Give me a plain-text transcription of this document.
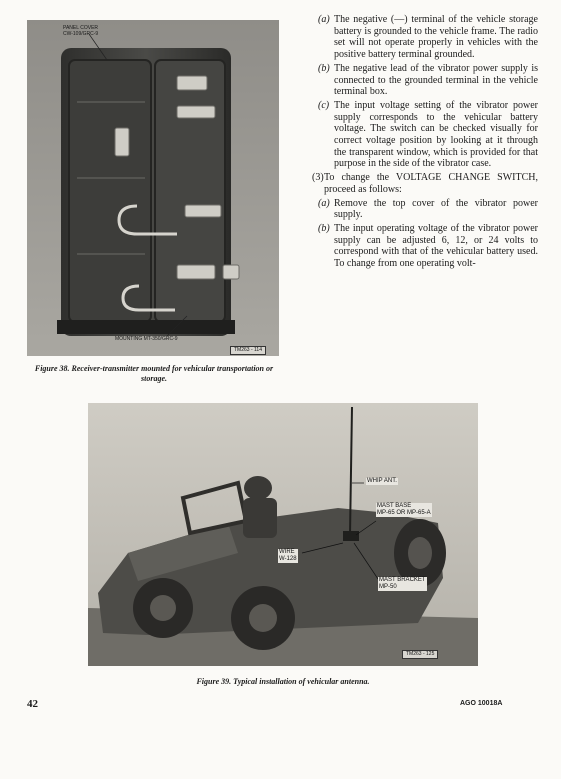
PANEL COVER
CW-109/GRC-9
MOUNTING MT-350/GRC-9
TM263 - 114
Figure 38. Receiver-transmitter mounted for vehicular transportation or storage.
(a) The negative (—) terminal of the vehicle storage battery is grounded to the vehicle frame. The radio set will not operate properly in vehicles with the positive battery terminal grounded.
(b) The negative lead of the vibrator power supply is connected to the grounded terminal in the vehicle terminal box.
(c) The input voltage setting of the vibrator power supply corresponds to the vehicular battery voltage. The switch can be checked visually for correct voltage position by looking at it through the transparent window, which is provided for that purpose in the side of the vibrator case.
(3) To change the VOLTAGE CHANGE SWITCH, proceed as follows:
(a) Remove the top cover of the vibrator power supply.
(b) The input operating voltage of the vibrator power supply can be adjusted 6, 12, or 24 volts to correspond with that of the vehicular battery used. To change from one operating volt-
WHIP ANT.
MAST BASE
MP-65 OR MP-65-A
WIRE
W-128
MAST BRACKET
MP-50
TM263 - 125
Figure 39. Typical installation of vehicular antenna.
42	AGO 10018A
